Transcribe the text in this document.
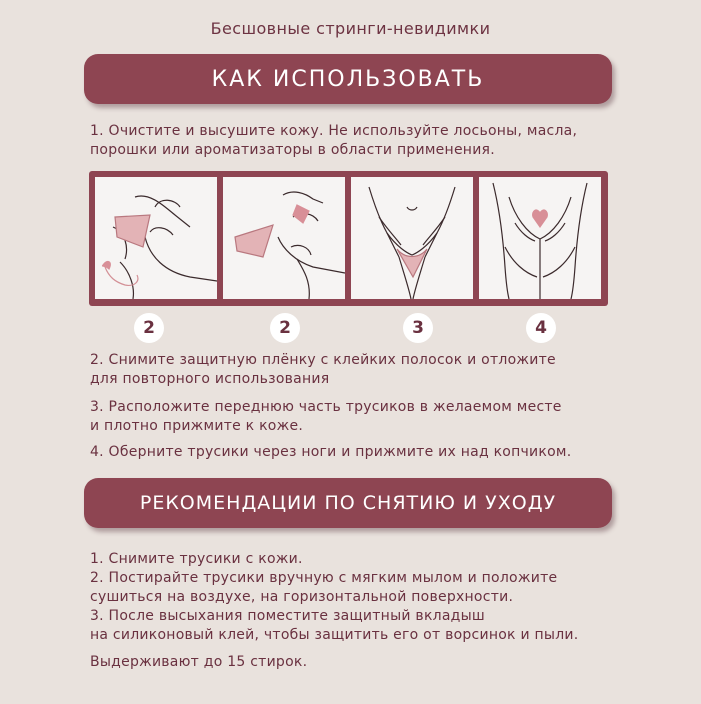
Бесшовные стринги-невидимки
КАК ИСПОЛЬЗОВАТЬ
1. Очистите и высушите кожу. Не используйте лосьоны, масла,
порошки или ароматизаторы в области применения.
2	2	3	4
2. Снимите защитную плёнку с клейких полосок и отложите
для повторного использования
3. Расположите переднюю часть трусиков в желаемом месте
и плотно прижмите к коже.
4. Оберните трусики через ноги и прижмите их над копчиком.
РЕКОМЕНДАЦИИ ПО СНЯТИЮ И УХОДУ
1. Снимите трусики с кожи.
2. Постирайте трусики вручную с мягким мылом и положите
сушиться на воздухе, на горизонтальной поверхности.
3. После высыхания поместите защитный вкладыш
на силиконовый клей, чтобы защитить его от ворсинок и пыли.
Выдерживают до 15 стирок.
